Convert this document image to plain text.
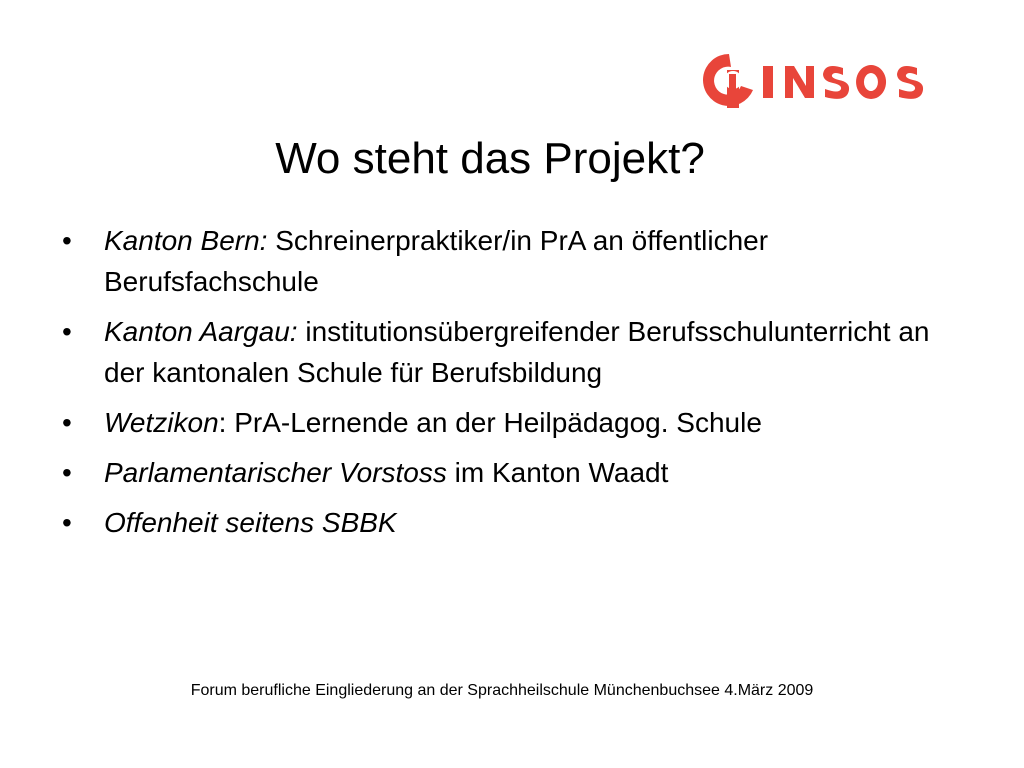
Wo steht das Projekt?
• Kanton Bern: Schreinerpraktiker/in PrA an öffentlicher Berufsfachschule
• Kanton Aargau: institutionsübergreifender Berufsschulunterricht an der kantonalen Schule für Berufsbildung
• Wetzikon: PrA-Lernende an der Heilpädagog. Schule
• Parlamentarischer Vorstoss im Kanton Waadt
• Offenheit seitens SBBK
Forum berufliche Eingliederung an der Sprachheilschule Münchenbuchsee 4.März 2009
